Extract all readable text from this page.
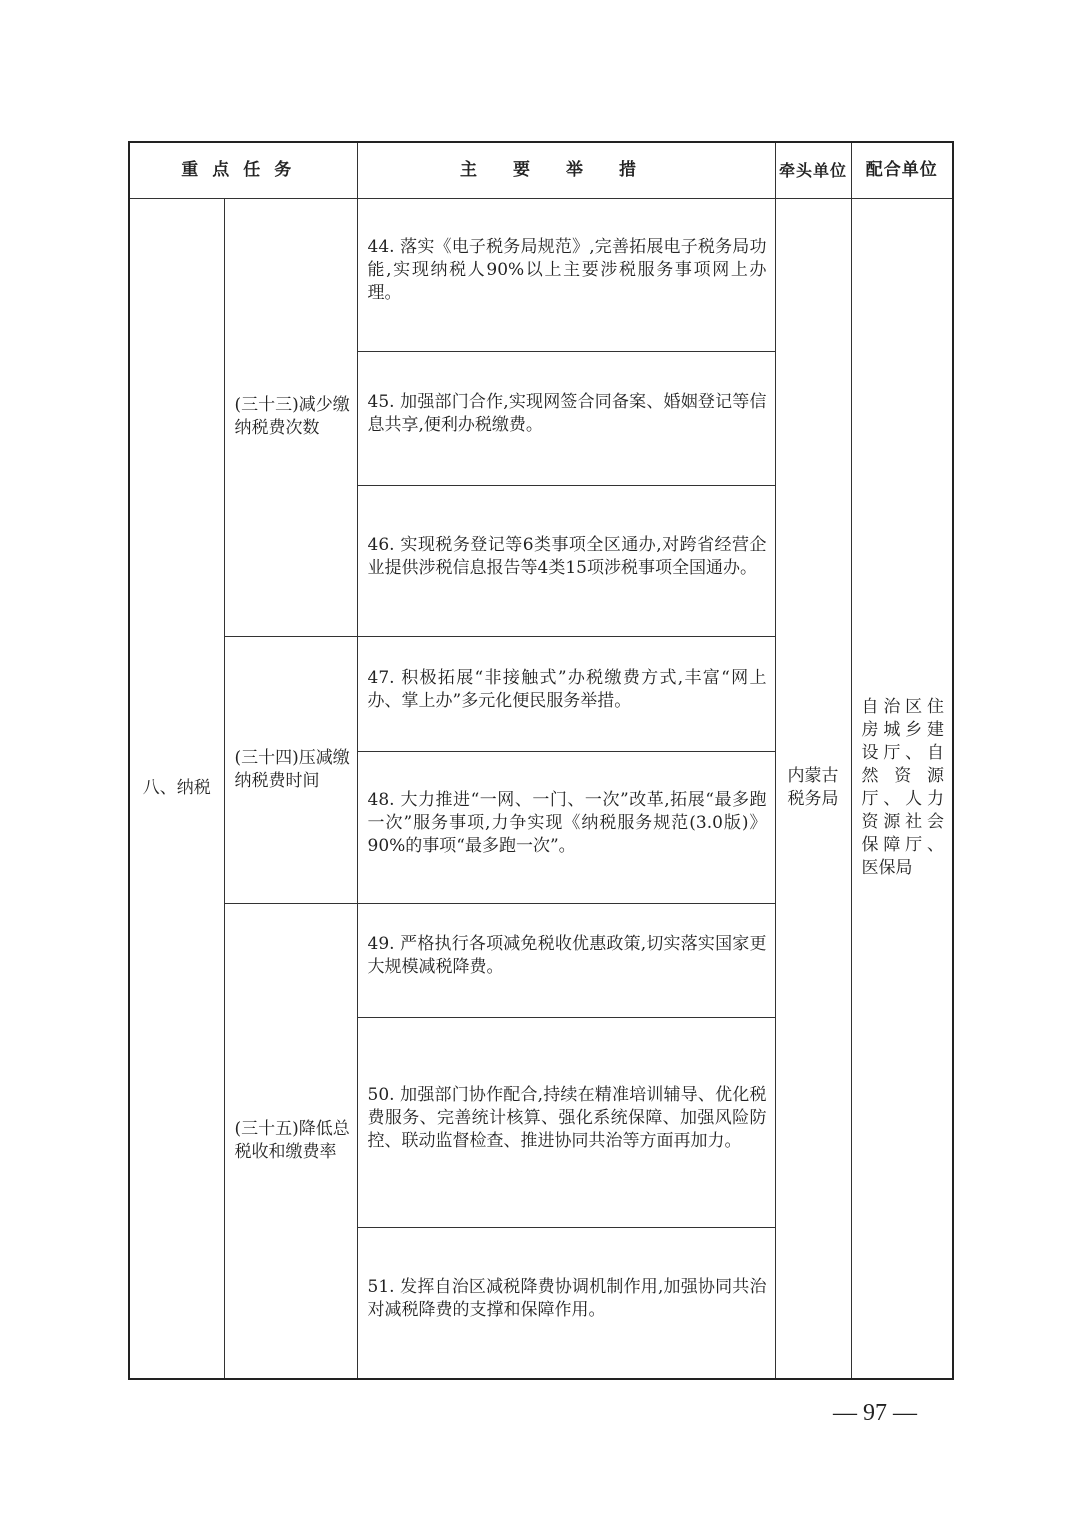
重点任务		主要举措	牵头单位	配合单位
八、纳税	(三十三)减少缴纳税费次数	44. 落实《电子税务局规范》,完善拓展电子税务局功能,实现纳税人90%以上主要涉税服务事项网上办理。	内蒙古税务局	自治区住房城乡建设厅、自然资源厅、人力资源社会保障厅、医保局

		45. 加强部门合作,实现网签合同备案、婚姻登记等信息共享,便利办税缴费。		

		46. 实现税务登记等6类事项全区通办,对跨省经营企业提供涉税信息报告等4类15项涉税事项全国通办。		

	(三十四)压减缴纳税费时间	47. 积极拓展“非接触式”办税缴费方式,丰富“网上办、掌上办”多元化便民服务举措。		

		48. 大力推进“一网、一门、一次”改革,拓展“最多跑一次”服务事项,力争实现《纳税服务规范(3.0版)》90%的事项“最多跑一次”。		

	(三十五)降低总税收和缴费率	49. 严格执行各项减免税收优惠政策,切实落实国家更大规模减税降费。		

		50. 加强部门协作配合,持续在精准培训辅导、优化税费服务、完善统计核算、强化系统保障、加强风险防控、联动监督检查、推进协同共治等方面再加力。		

		51. 发挥自治区减税降费协调机制作用,加强协同共治对减税降费的支撑和保障作用。		
— 97 —
